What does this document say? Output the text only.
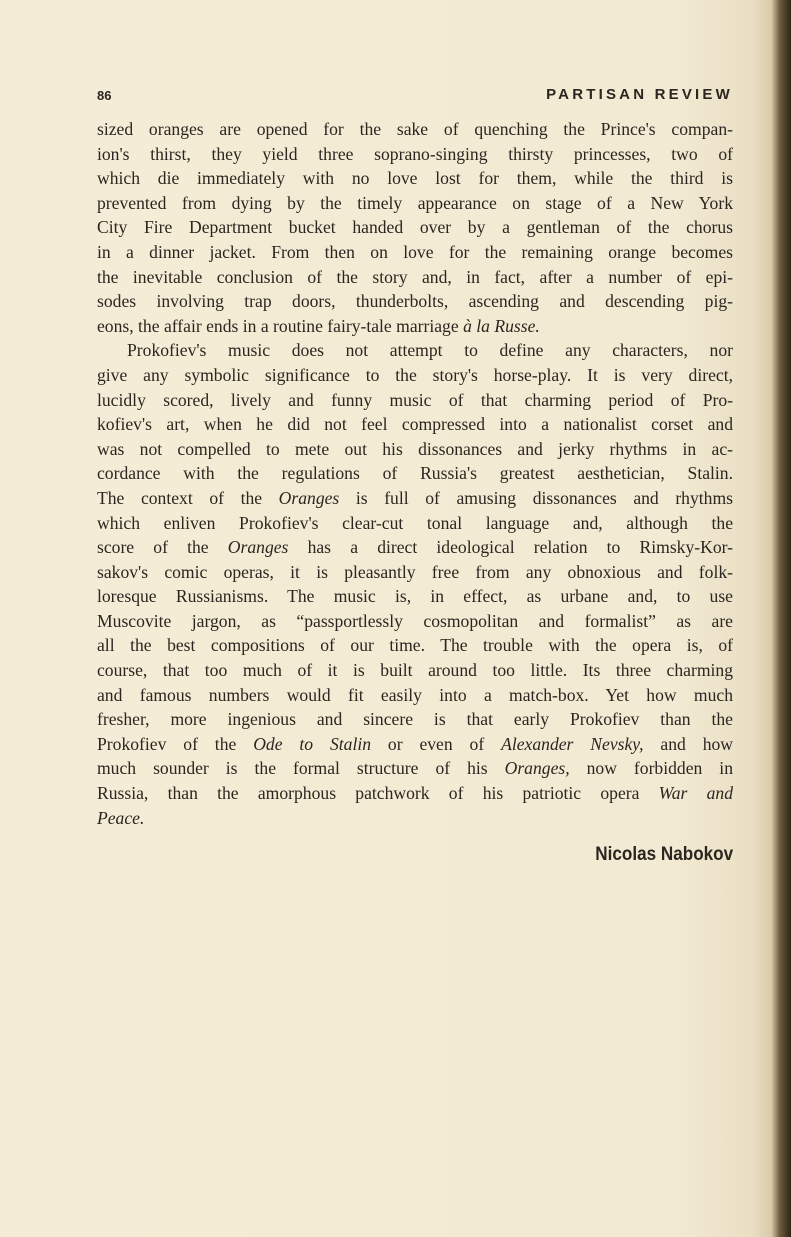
86	PARTISAN REVIEW
sized oranges are opened for the sake of quenching the Prince's compan-
ion's thirst, they yield three soprano-singing thirsty princesses, two of
which die immediately with no love lost for them, while the third is
prevented from dying by the timely appearance on stage of a New York
City Fire Department bucket handed over by a gentleman of the chorus
in a dinner jacket. From then on love for the remaining orange becomes
the inevitable conclusion of the story and, in fact, after a number of epi-
sodes involving trap doors, thunderbolts, ascending and descending pig-
eons, the affair ends in a routine fairy-tale marriage à la Russe.
Prokofiev's music does not attempt to define any characters, nor
give any symbolic significance to the story's horse-play. It is very direct,
lucidly scored, lively and funny music of that charming period of Pro-
kofiev's art, when he did not feel compressed into a nationalist corset and
was not compelled to mete out his dissonances and jerky rhythms in ac-
cordance with the regulations of Russia's greatest aesthetician, Stalin.
The context of the Oranges is full of amusing dissonances and rhythms
which enliven Prokofiev's clear-cut tonal language and, although the
score of the Oranges has a direct ideological relation to Rimsky-Kor-
sakov's comic operas, it is pleasantly free from any obnoxious and folk-
loresque Russianisms. The music is, in effect, as urbane and, to use
Muscovite jargon, as “passportlessly cosmopolitan and formalist” as are
all the best compositions of our time. The trouble with the opera is, of
course, that too much of it is built around too little. Its three charming
and famous numbers would fit easily into a match-box. Yet how much
fresher, more ingenious and sincere is that early Prokofiev than the
Prokofiev of the Ode to Stalin or even of Alexander Nevsky, and how
much sounder is the formal structure of his Oranges, now forbidden in
Russia, than the amorphous patchwork of his patriotic opera War and
Peace.
Nicolas Nabokov
